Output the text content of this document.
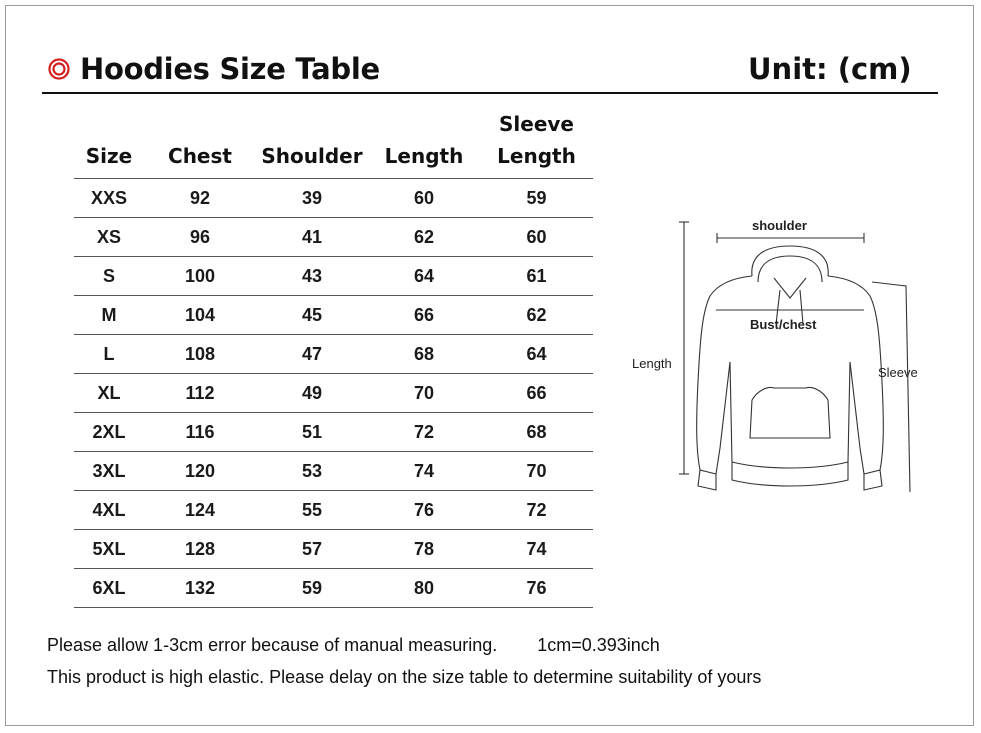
Hoodies Size Table	Unit: (cm)
Size	Chest	Shoulder	Length	Sleeve Length
XXS	92	39	60	59
XS	96	41	62	60
S	100	43	64	61
M	104	45	66	62
L	108	47	68	64
XL	112	49	70	66
2XL	116	51	72	68
3XL	120	53	74	70
4XL	124	55	76	72
5XL	128	57	78	74
6XL	132	59	80	76
shoulder
Bust/chest
Length
Sleeve
Please allow 1-3cm error because of manual measuring. 1cm=0.393inch
This product is high elastic. Please delay on the size table to determine suitability of yours
